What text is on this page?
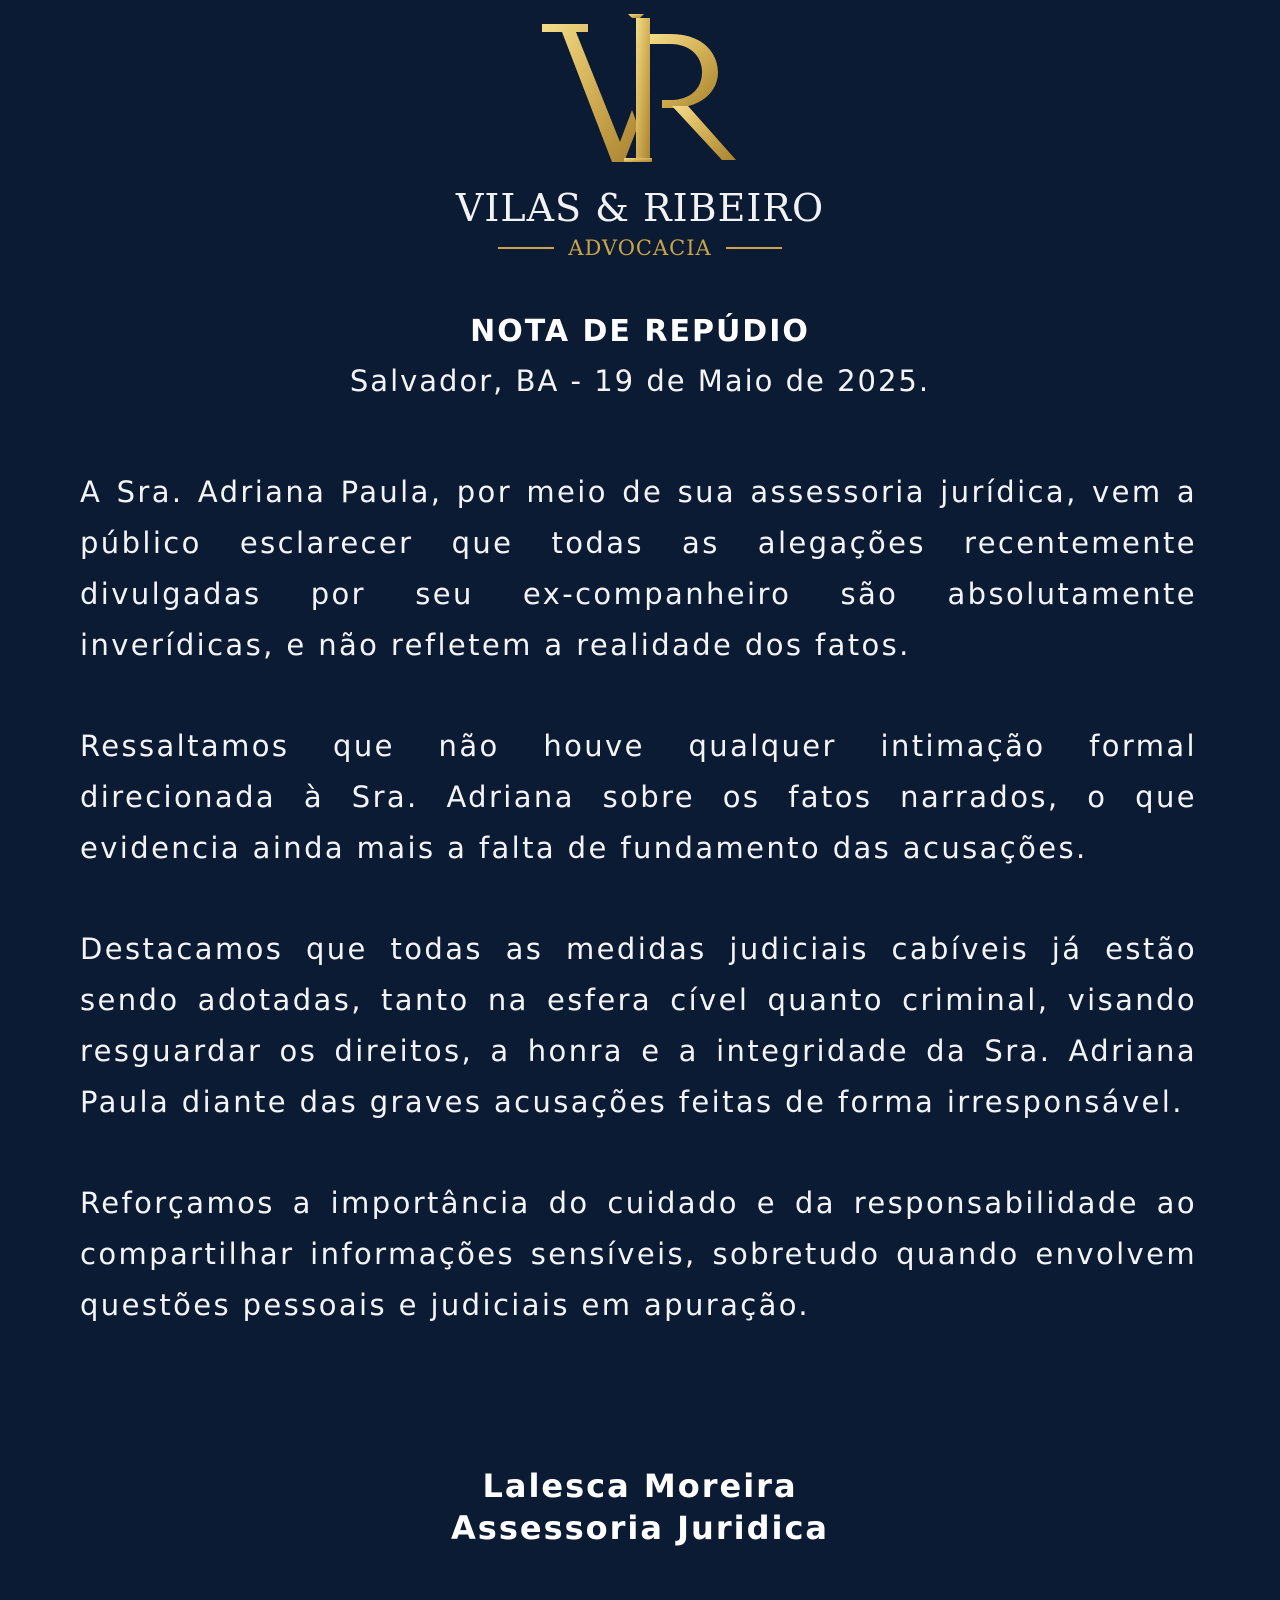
VILAS & RIBEIRO
ADVOCACIA
NOTA DE REPÚDIO
Salvador, BA - 19 de Maio de 2025.

A Sra. Adriana Paula, por meio de sua assessoria jurídica, vem a público esclarecer que todas as alegações recentemente divulgadas por seu ex-companheiro são absolutamente inverídicas, e não refletem a realidade dos fatos.

Ressaltamos que não houve qualquer intimação formal direcionada à Sra. Adriana sobre os fatos narrados, o que evidencia ainda mais a falta de fundamento das acusações.

Destacamos que todas as medidas judiciais cabíveis já estão sendo adotadas, tanto na esfera cível quanto criminal, visando resguardar os direitos, a honra e a integridade da Sra. Adriana Paula diante das graves acusações feitas de forma irresponsável.

Reforçamos a importância do cuidado e da responsabilidade ao compartilhar informações sensíveis, sobretudo quando envolvem questões pessoais e judiciais em apuração.

Lalesca Moreira
Assessoria Juridica
